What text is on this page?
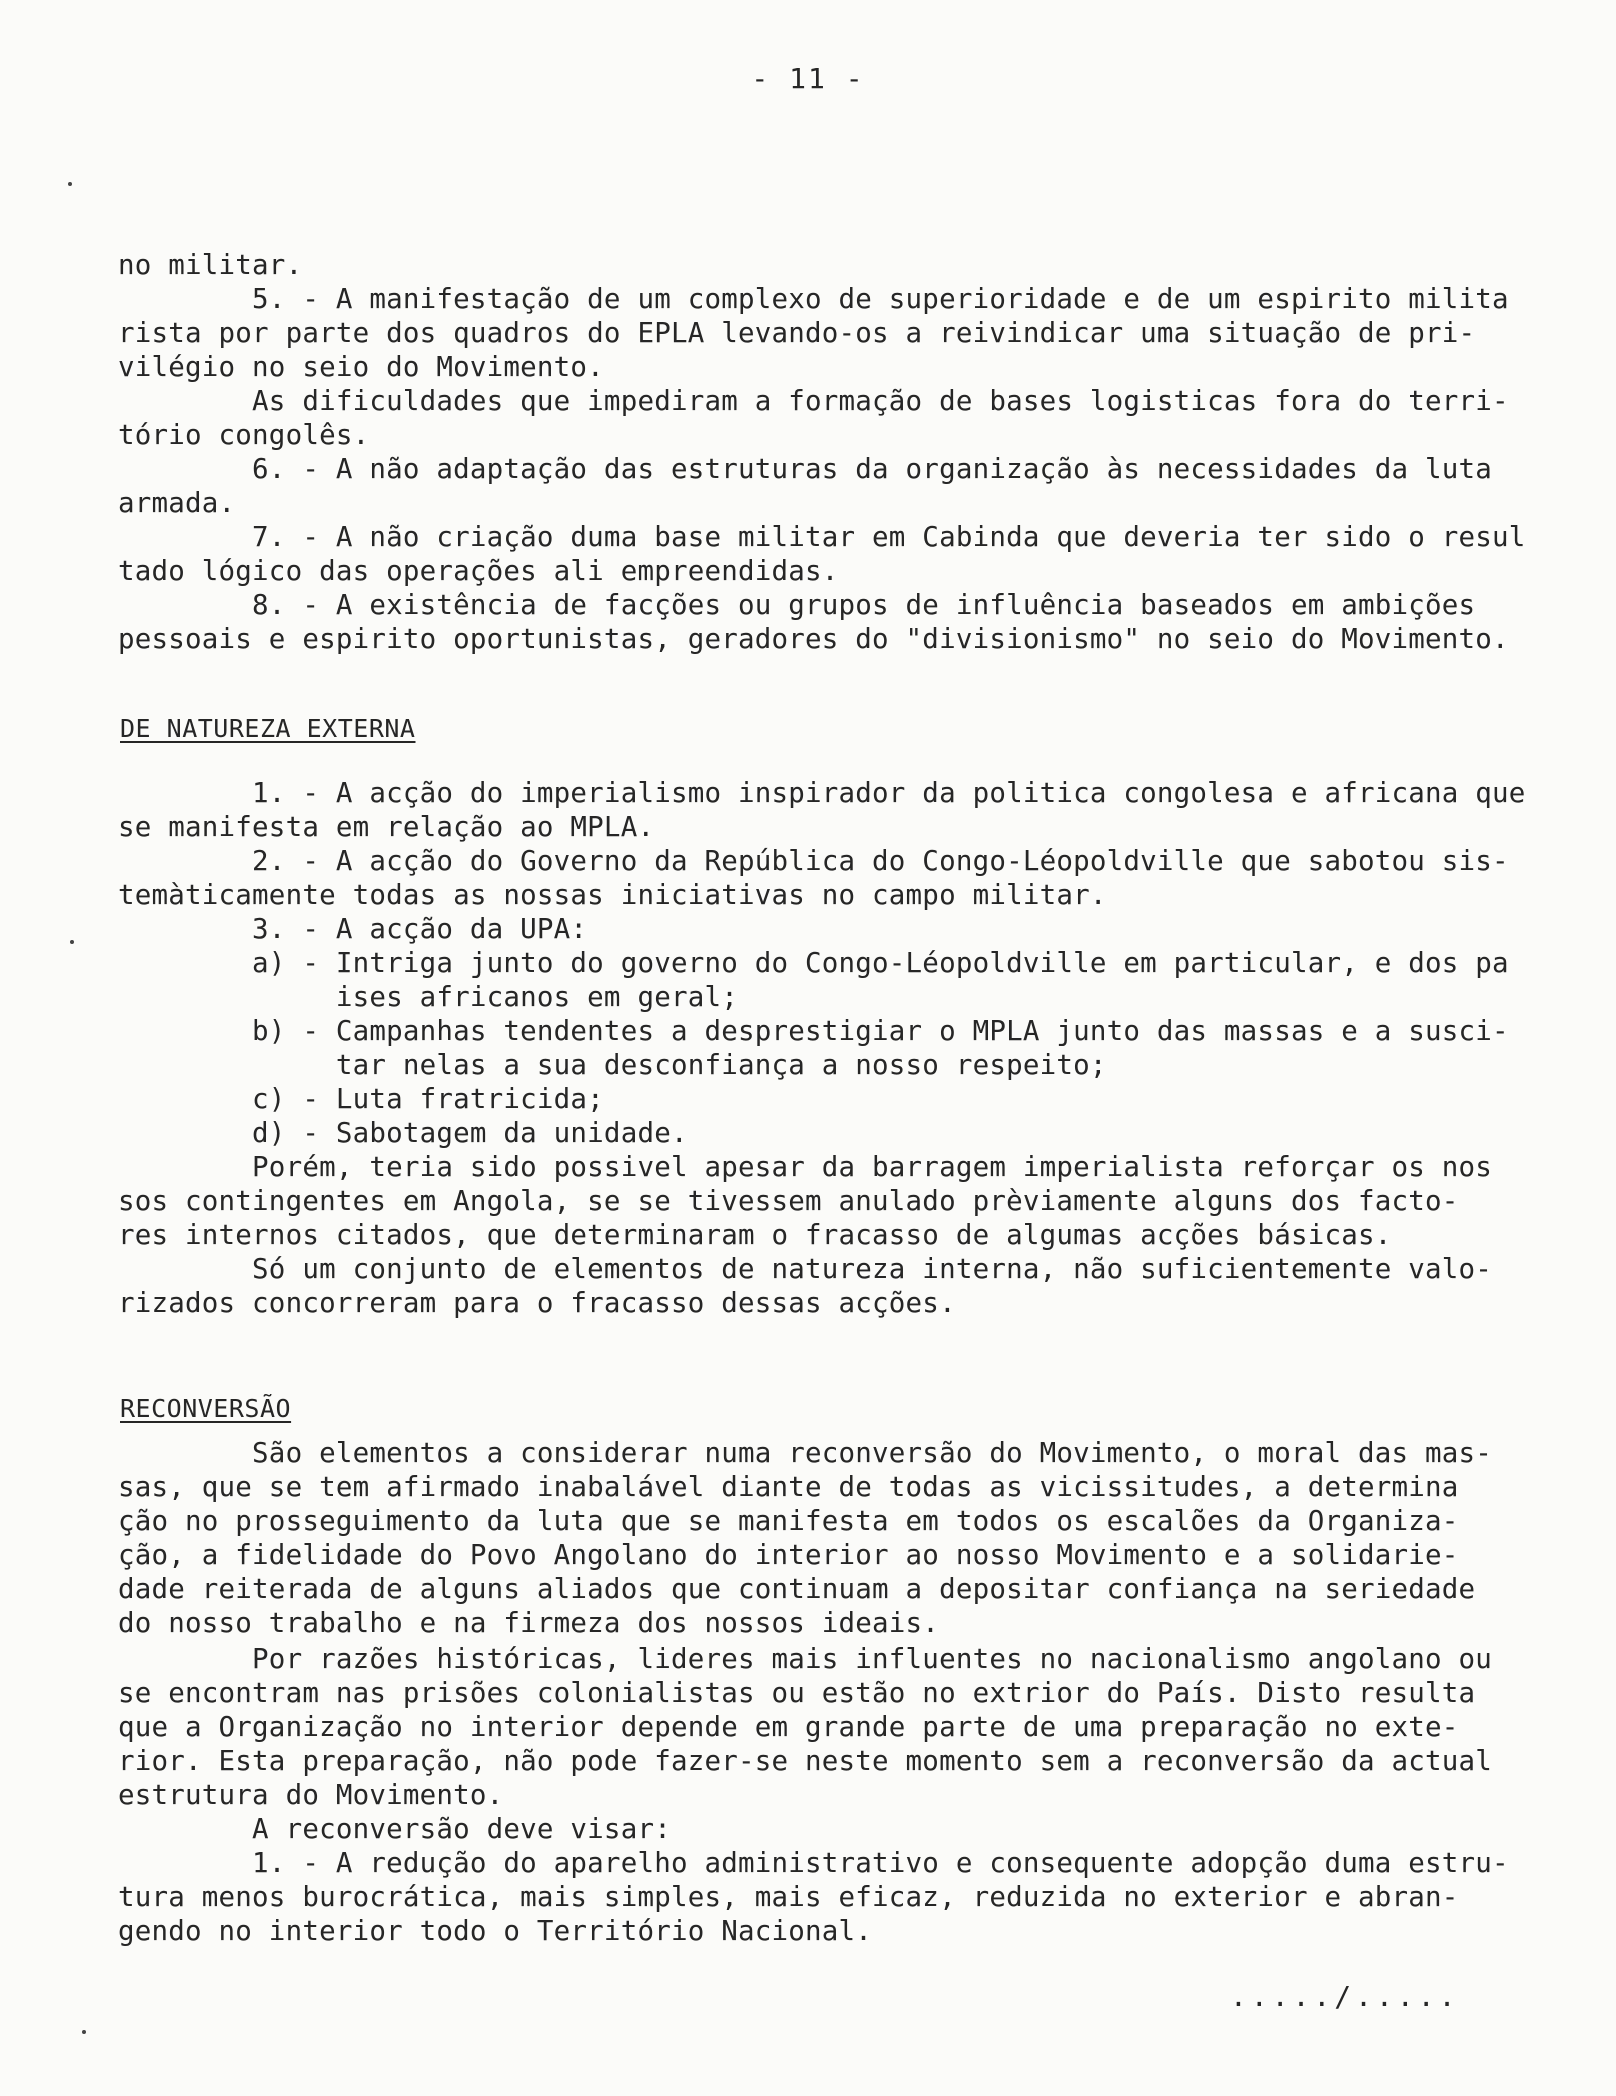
- 11 -
no militar.
5. - A manifestação de um complexo de superioridade e de um espirito milita
rista por parte dos quadros do EPLA levando-os a reivindicar uma situação de pri-
vilégio no seio do Movimento.
As dificuldades que impediram a formação de bases logisticas fora do terri-
tório congolês.
6. - A não adaptação das estruturas da organização às necessidades da luta
armada.
7. - A não criação duma base militar em Cabinda que deveria ter sido o resul
tado lógico das operações ali empreendidas.
8. - A existência de facções ou grupos de influência baseados em ambições
pessoais e espirito oportunistas, geradores do "divisionismo" no seio do Movimento.
DE NATUREZA EXTERNA
1. - A acção do imperialismo inspirador da politica congolesa e africana que
se manifesta em relação ao MPLA.
2. - A acção do Governo da República do Congo-Léopoldville que sabotou sis-
temàticamente todas as nossas iniciativas no campo militar.
3. - A acção da UPA:
a) - Intriga junto do governo do Congo-Léopoldville em particular, e dos pa
ises africanos em geral;
b) - Campanhas tendentes a desprestigiar o MPLA junto das massas e a susci-
tar nelas a sua desconfiança a nosso respeito;
c) - Luta fratricida;
d) - Sabotagem da unidade.
Porém, teria sido possivel apesar da barragem imperialista reforçar os nos
sos contingentes em Angola, se se tivessem anulado prèviamente alguns dos facto-
res internos citados, que determinaram o fracasso de algumas acções básicas.
Só um conjunto de elementos de natureza interna, não suficientemente valo-
rizados concorreram para o fracasso dessas acções.
RECONVERSÃO
São elementos a considerar numa reconversão do Movimento, o moral das mas-
sas, que se tem afirmado inabalável diante de todas as vicissitudes, a determina
ção no prosseguimento da luta que se manifesta em todos os escalões da Organiza-
ção, a fidelidade do Povo Angolano do interior ao nosso Movimento e a solidarie-
dade reiterada de alguns aliados que continuam a depositar confiança na seriedade
do nosso trabalho e na firmeza dos nossos ideais.
Por razões históricas, lideres mais influentes no nacionalismo angolano ou
se encontram nas prisões colonialistas ou estão no extrior do País. Disto resulta
que a Organização no interior depende em grande parte de uma preparação no exte-
rior. Esta preparação, não pode fazer-se neste momento sem a reconversão da actual
estrutura do Movimento.
A reconversão deve visar:
1. - A redução do aparelho administrativo e consequente adopção duma estru-
tura menos burocrática, mais simples, mais eficaz, reduzida no exterior e abran-
gendo no interior todo o Território Nacional.
...../.....
